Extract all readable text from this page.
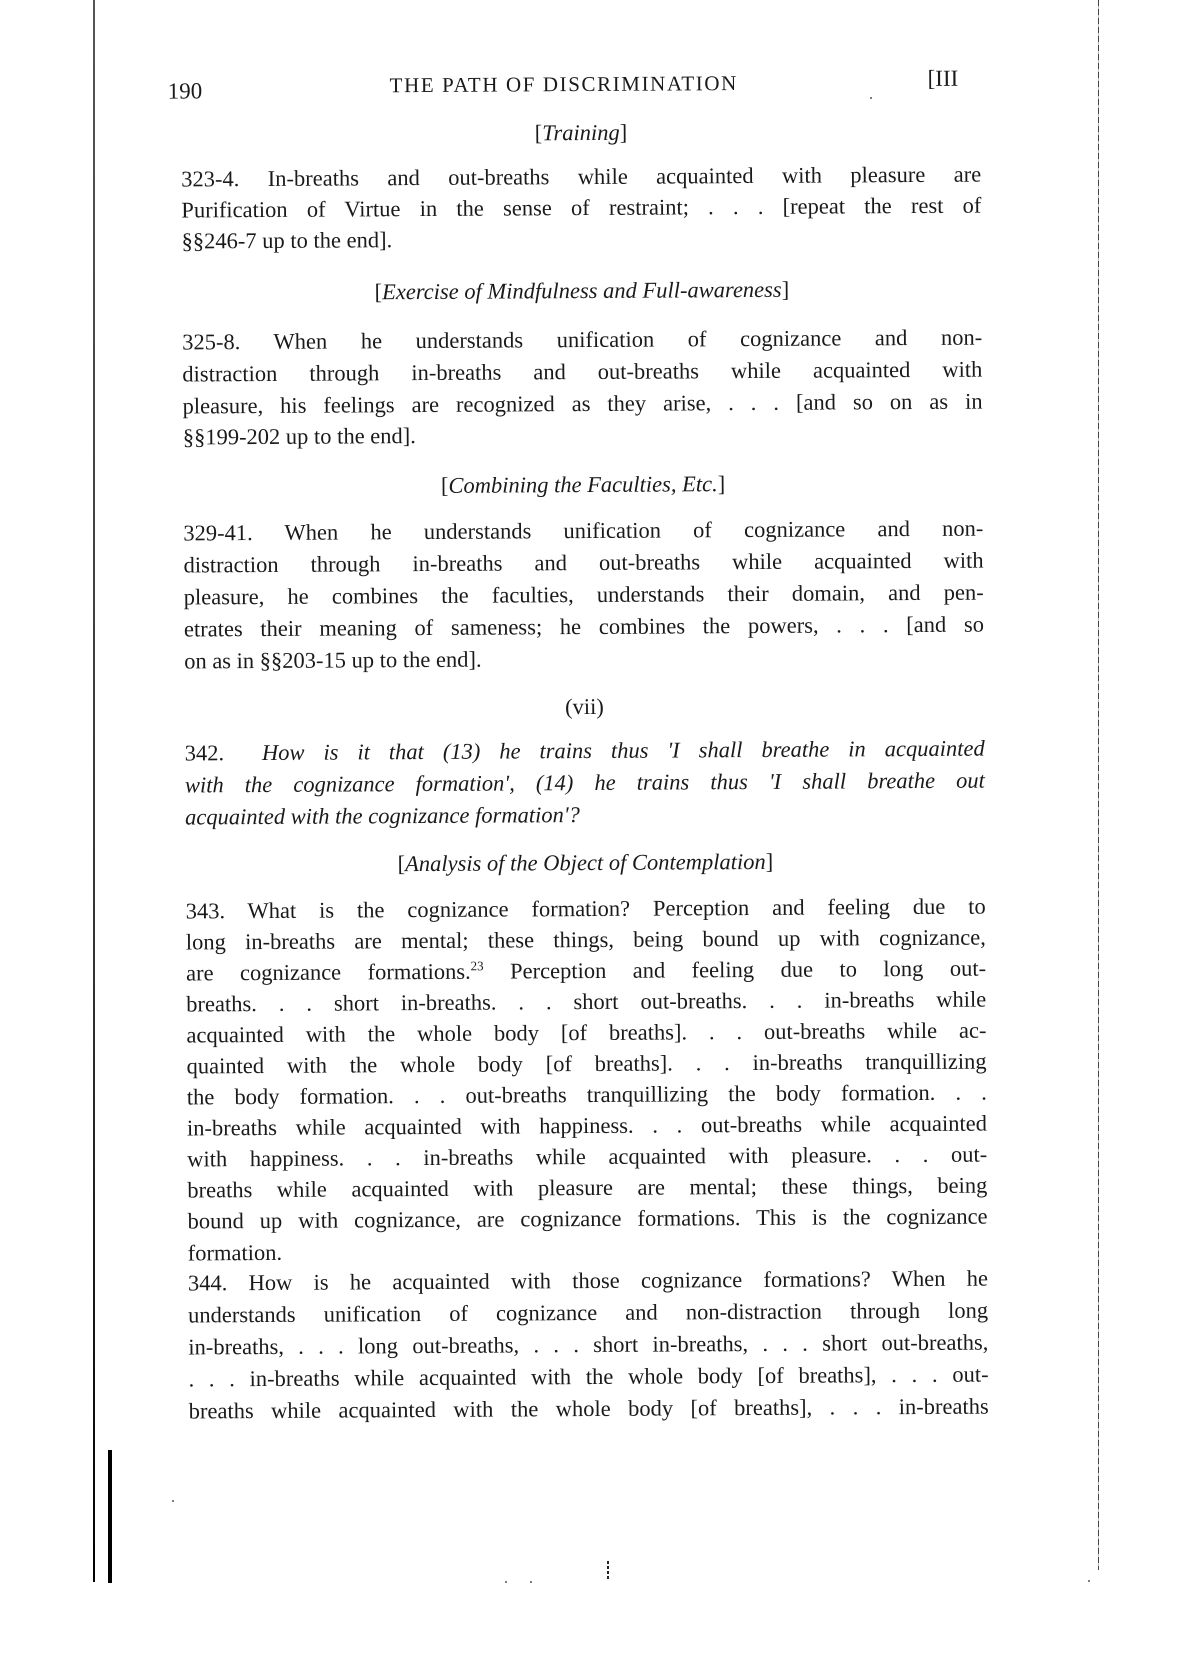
190	THE PATH OF DISCRIMINATION	[III
[Training]
323-4. In-breaths and out-breaths while acquainted with pleasure are
Purification of Virtue in the sense of restraint; . . . [repeat the rest of
§§246-7 up to the end].
[Exercise of Mindfulness and Full-awareness]
325-8. When he understands unification of cognizance and non-
distraction through in-breaths and out-breaths while acquainted with
pleasure, his feelings are recognized as they arise, . . . [and so on as in
§§199-202 up to the end].
[Combining the Faculties, Etc.]
329-41. When he understands unification of cognizance and non-
distraction through in-breaths and out-breaths while acquainted with
pleasure, he combines the faculties, understands their domain, and pen-
etrates their meaning of sameness; he combines the powers, . . . [and so
on as in §§203-15 up to the end].
(vii)
342. How is it that (13) he trains thus 'I shall breathe in acquainted
with the cognizance formation', (14) he trains thus 'I shall breathe out
acquainted with the cognizance formation'?
[Analysis of the Object of Contemplation]
343. What is the cognizance formation? Perception and feeling due to
long in-breaths are mental; these things, being bound up with cognizance,
are cognizance formations.$^{23}$ Perception and feeling due to long out-
breaths. . . short in-breaths. . . short out-breaths. . . in-breaths while
acquainted with the whole body [of breaths]. . . out-breaths while ac-
quainted with the whole body [of breaths]. . . in-breaths tranquillizing
the body formation. . . out-breaths tranquillizing the body formation. . .
in-breaths while acquainted with happiness. . . out-breaths while acquainted
with happiness. . . in-breaths while acquainted with pleasure. . . out-
breaths while acquainted with pleasure are mental; these things, being
bound up with cognizance, are cognizance formations. This is the cognizance
formation.
344. How is he acquainted with those cognizance formations? When he
understands unification of cognizance and non-distraction through long
in-breaths, . . . long out-breaths, . . . short in-breaths, . . . short out-breaths,
. . . in-breaths while acquainted with the whole body [of breaths], . . . out-
breaths while acquainted with the whole body [of breaths], . . . in-breaths
